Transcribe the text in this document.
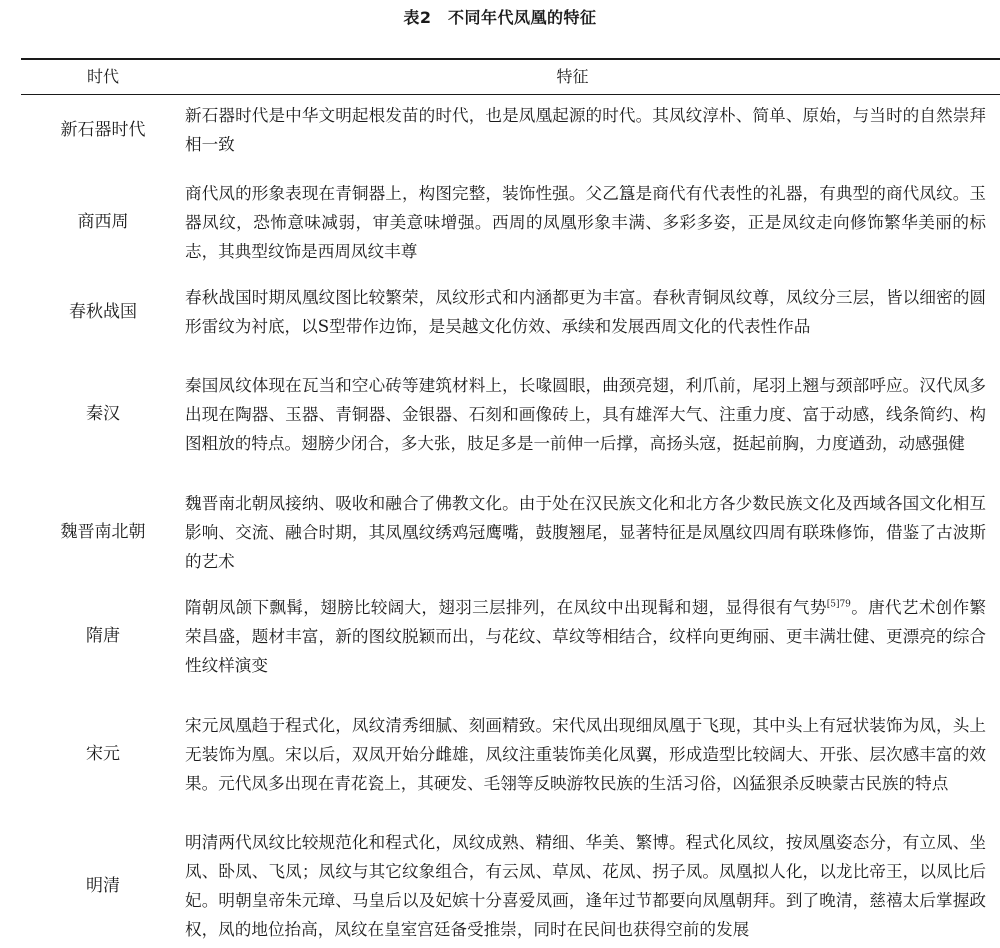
表2　不同年代凤凰的特征
时代	特征
新石器时代
新石器时代是中华文明起根发苗的时代，也是凤凰起源的时代。其凤纹淳朴、简单、原始，与当时的自然崇拜相一致
商西周
商代凤的形象表现在青铜器上，构图完整，装饰性强。父乙簋是商代有代表性的礼器，有典型的商代凤纹。玉器凤纹，恐怖意味减弱，审美意味增强。西周的凤凰形象丰满、多彩多姿，正是凤纹走向修饰繁华美丽的标志，其典型纹饰是西周凤纹丰尊
春秋战国
春秋战国时期凤凰纹图比较繁荣，凤纹形式和内涵都更为丰富。春秋青铜凤纹尊，凤纹分三层，皆以细密的圆形雷纹为衬底，以S型带作边饰，是吴越文化仿效、承续和发展西周文化的代表性作品
秦汉
秦国凤纹体现在瓦当和空心砖等建筑材料上，长喙圆眼，曲颈亮翅，利爪前，尾羽上翘与颈部呼应。汉代凤多出现在陶器、玉器、青铜器、金银器、石刻和画像砖上，具有雄浑大气、注重力度、富于动感，线条简约、构图粗放的特点。翅膀少闭合，多大张，肢足多是一前伸一后撑，高扬头寇，挺起前胸，力度遒劲，动感强健
魏晋南北朝
魏晋南北朝凤接纳、吸收和融合了佛教文化。由于处在汉民族文化和北方各少数民族文化及西域各国文化相互影响、交流、融合时期，其凤凰纹绣鸡冠鹰嘴，鼓腹翘尾，显著特征是凤凰纹四周有联珠修饰，借鉴了古波斯的艺术
隋唐
隋朝凤颌下飘髯，翅膀比较阔大，翅羽三层排列，在凤纹中出现髯和翅，显得很有气势$^{[5]79}$。唐代艺术创作繁荣昌盛，题材丰富，新的图纹脱颖而出，与花纹、草纹等相结合，纹样向更绚丽、更丰满壮健、更漂亮的综合性纹样演变
宋元
宋元凤凰趋于程式化，凤纹清秀细腻、刻画精致。宋代凤出现细凤凰于飞现，其中头上有冠状装饰为凤，头上无装饰为凰。宋以后，双凤开始分雌雄，凤纹注重装饰美化凤翼，形成造型比较阔大、开张、层次感丰富的效果。元代凤多出现在青花瓷上，其硬发、毛翎等反映游牧民族的生活习俗，凶猛狠杀反映蒙古民族的特点
明清
明清两代凤纹比较规范化和程式化，凤纹成熟、精细、华美、繁博。程式化凤纹，按凤凰姿态分，有立凤、坐凤、卧凤、飞凤；凤纹与其它纹象组合，有云凤、草凤、花凤、拐子凤。凤凰拟人化，以龙比帝王，以凤比后妃。明朝皇帝朱元璋、马皇后以及妃嫔十分喜爱凤画，逢年过节都要向凤凰朝拜。到了晚清，慈禧太后掌握政权，凤的地位抬高，凤纹在皇室宫廷备受推崇，同时在民间也获得空前的发展
